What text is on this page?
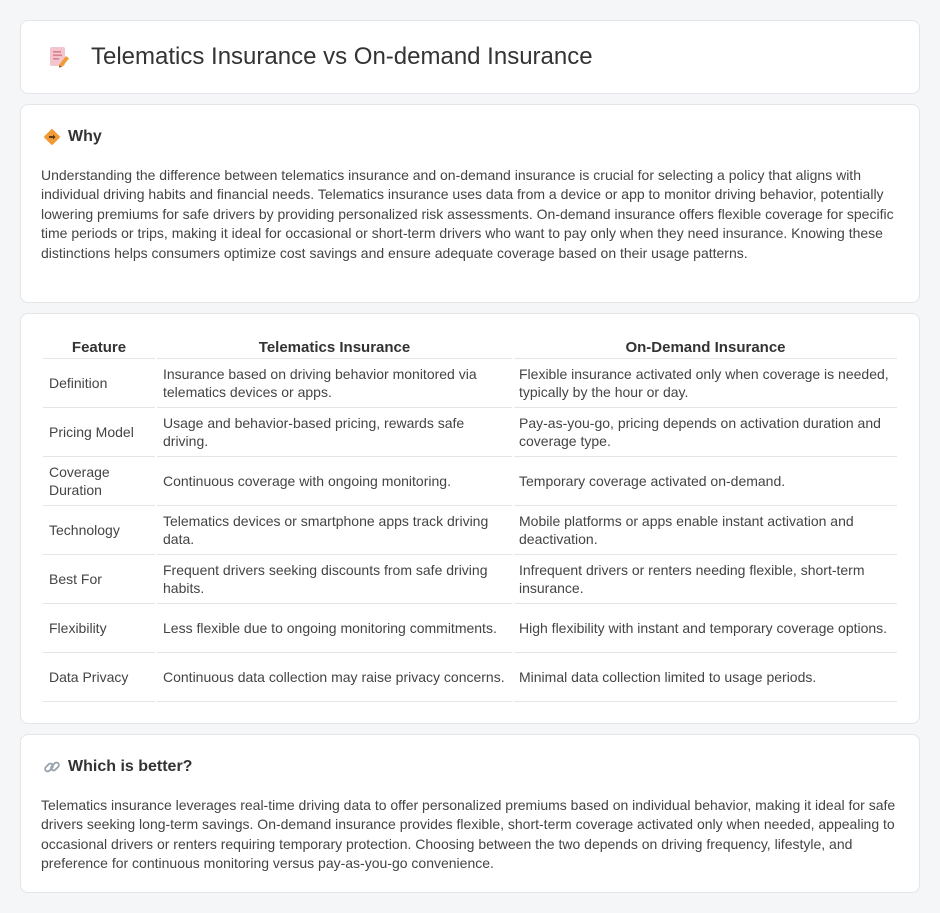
Telematics Insurance vs On-demand Insurance
Why

Understanding the difference between telematics insurance and on-demand insurance is crucial for selecting a policy that aligns with individual driving habits and financial needs. Telematics insurance uses data from a device or app to monitor driving behavior, potentially lowering premiums for safe drivers by providing personalized risk assessments. On-demand insurance offers flexible coverage for specific time periods or trips, making it ideal for occasional or short-term drivers who want to pay only when they need insurance. Knowing these distinctions helps consumers optimize cost savings and ensure adequate coverage based on their usage patterns.

Feature	Telematics Insurance	On-Demand Insurance
Definition	Insurance based on driving behavior monitored via telematics devices or apps.	Flexible insurance activated only when coverage is needed, typically by the hour or day.
Pricing Model	Usage and behavior-based pricing, rewards safe driving.	Pay-as-you-go, pricing depends on activation duration and coverage type.
Coverage Duration	Continuous coverage with ongoing monitoring.	Temporary coverage activated on-demand.
Technology	Telematics devices or smartphone apps track driving data.	Mobile platforms or apps enable instant activation and deactivation.
Best For	Frequent drivers seeking discounts from safe driving habits.	Infrequent drivers or renters needing flexible, short-term insurance.
Flexibility	Less flexible due to ongoing monitoring commitments.	High flexibility with instant and temporary coverage options.
Data Privacy	Continuous data collection may raise privacy concerns.	Minimal data collection limited to usage periods.
Which is better?

Telematics insurance leverages real-time driving data to offer personalized premiums based on individual behavior, making it ideal for safe drivers seeking long-term savings. On-demand insurance provides flexible, short-term coverage activated only when needed, appealing to occasional drivers or renters requiring temporary protection. Choosing between the two depends on driving frequency, lifestyle, and preference for continuous monitoring versus pay-as-you-go convenience.
